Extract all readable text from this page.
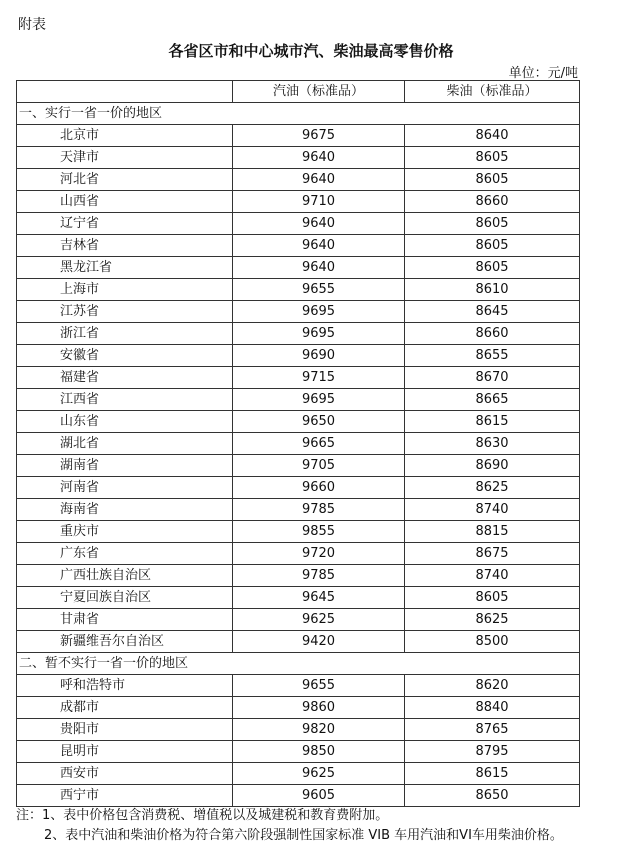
附表
各省区市和中心城市汽、柴油最高零售价格
单位：元/吨
	汽油（标准品）	柴油（标准品）
一、实行一省一价的地区		
北京市	9675	8640
天津市	9640	8605
河北省	9640	8605
山西省	9710	8660
辽宁省	9640	8605
吉林省	9640	8605
黑龙江省	9640	8605
上海市	9655	8610
江苏省	9695	8645
浙江省	9695	8660
安徽省	9690	8655
福建省	9715	8670
江西省	9695	8665
山东省	9650	8615
湖北省	9665	8630
湖南省	9705	8690
河南省	9660	8625
海南省	9785	8740
重庆市	9855	8815
广东省	9720	8675
广西壮族自治区	9785	8740
宁夏回族自治区	9645	8605
甘肃省	9625	8625
新疆维吾尔自治区	9420	8500
二、暂不实行一省一价的地区		
呼和浩特市	9655	8620
成都市	9860	8840
贵阳市	9820	8765
昆明市	9850	8795
西安市	9625	8615
西宁市	9605	8650
注：1、表中价格包含消费税、增值税以及城建税和教育费附加。
2、表中汽油和柴油价格为符合第六阶段强制性国家标准 VIB 车用汽油和VI车用柴油价格。
